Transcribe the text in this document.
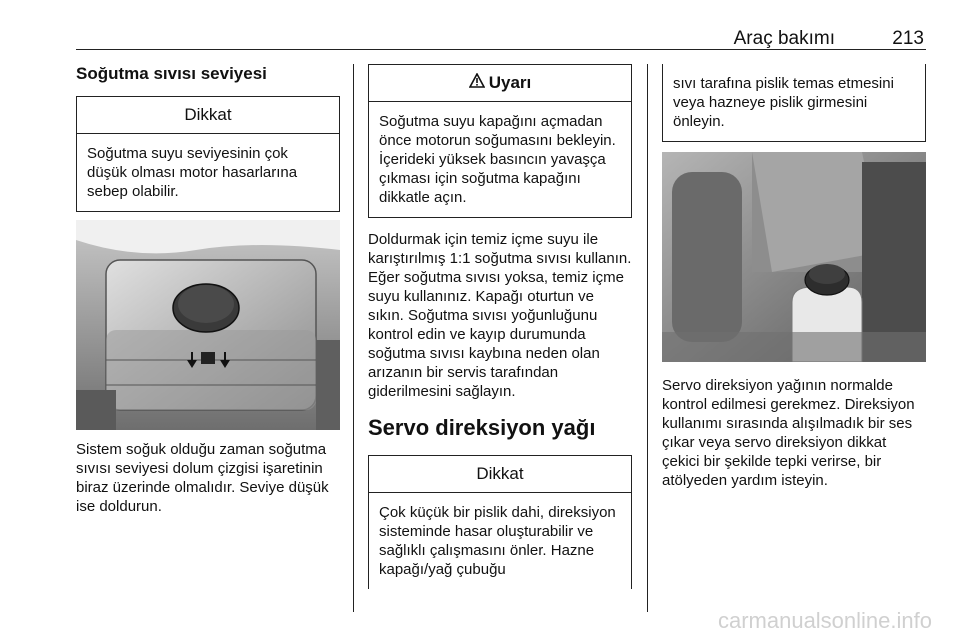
Araç bakımı	213
Soğutma sıvısı seviyesi
Dikkat
Soğutma suyu seviyesinin çok düşük olması motor hasarlarına sebep olabilir.

Sistem soğuk olduğu zaman soğutma sıvısı seviyesi dolum çizgisi işaretinin biraz üzerinde olmalıdır. Seviye düşük ise doldurun.

Uyarı
Soğutma suyu kapağını açmadan önce motorun soğumasını bekleyin. İçerideki yüksek basıncın yavaşça çıkması için soğutma kapağını dikkatle açın.

Doldurmak için temiz içme suyu ile karıştırılmış 1:1 soğutma sıvısı kullanın. Eğer soğutma sıvısı yoksa, temiz içme suyu kullanınız. Kapağı oturtun ve sıkın. Soğutma sıvısı yoğunluğunu kontrol edin ve kayıp durumunda soğutma sıvısı kaybına neden olan arızanın bir servis tarafından giderilmesini sağlayın.

Servo direksiyon yağı
Dikkat
Çok küçük bir pislik dahi, direksiyon sisteminde hasar oluşturabilir ve sağlıklı çalışmasını önler. Hazne kapağı/yağ çubuğu
sıvı tarafına pislik temas etmesini veya hazneye pislik girmesini önleyin.

Servo direksiyon yağının normalde kontrol edilmesi gerekmez. Direksiyon kullanımı sırasında alışılmadık bir ses çıkar veya servo direksiyon dikkat çekici bir şekilde tepki verirse, bir atölyeden yardım isteyin.

carmanualsonline.info
